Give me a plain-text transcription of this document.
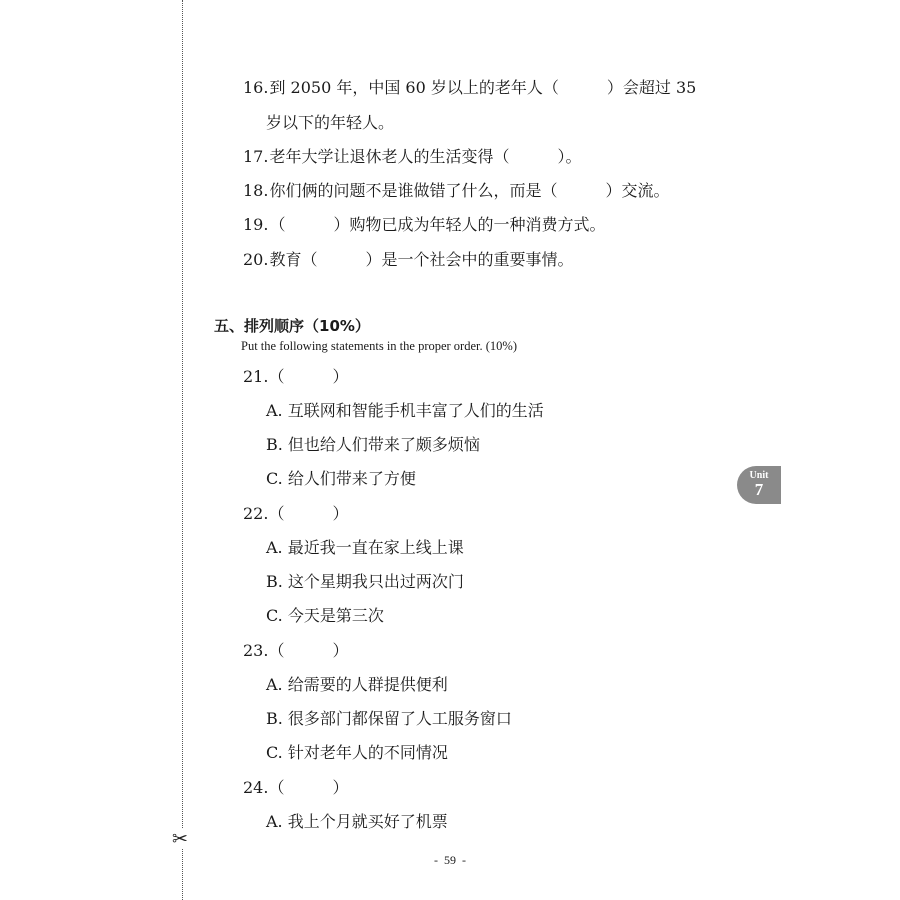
✂
16.到 2050 年，中国 60 岁以上的老年人（　　　）会超过 35
岁以下的年轻人。
17.老年大学让退休老人的生活变得（　　　）。
18.你们俩的问题不是谁做错了什么，而是（　　　）交流。
19.（　　　）购物已成为年轻人的一种消费方式。
20.教育（　　　）是一个社会中的重要事情。
五、排列顺序（10%）
Put the following statements in the proper order. (10%)
21.（　　　）
A. 互联网和智能手机丰富了人们的生活
B. 但也给人们带来了颇多烦恼
C. 给人们带来了方便
22.（　　　）
A. 最近我一直在家上线上课
B. 这个星期我只出过两次门
C. 今天是第三次
23.（　　　）
A. 给需要的人群提供便利
B. 很多部门都保留了人工服务窗口
C. 针对老年人的不同情况
24.（　　　）
A. 我上个月就买好了机票
Unit
7
- 59 -
